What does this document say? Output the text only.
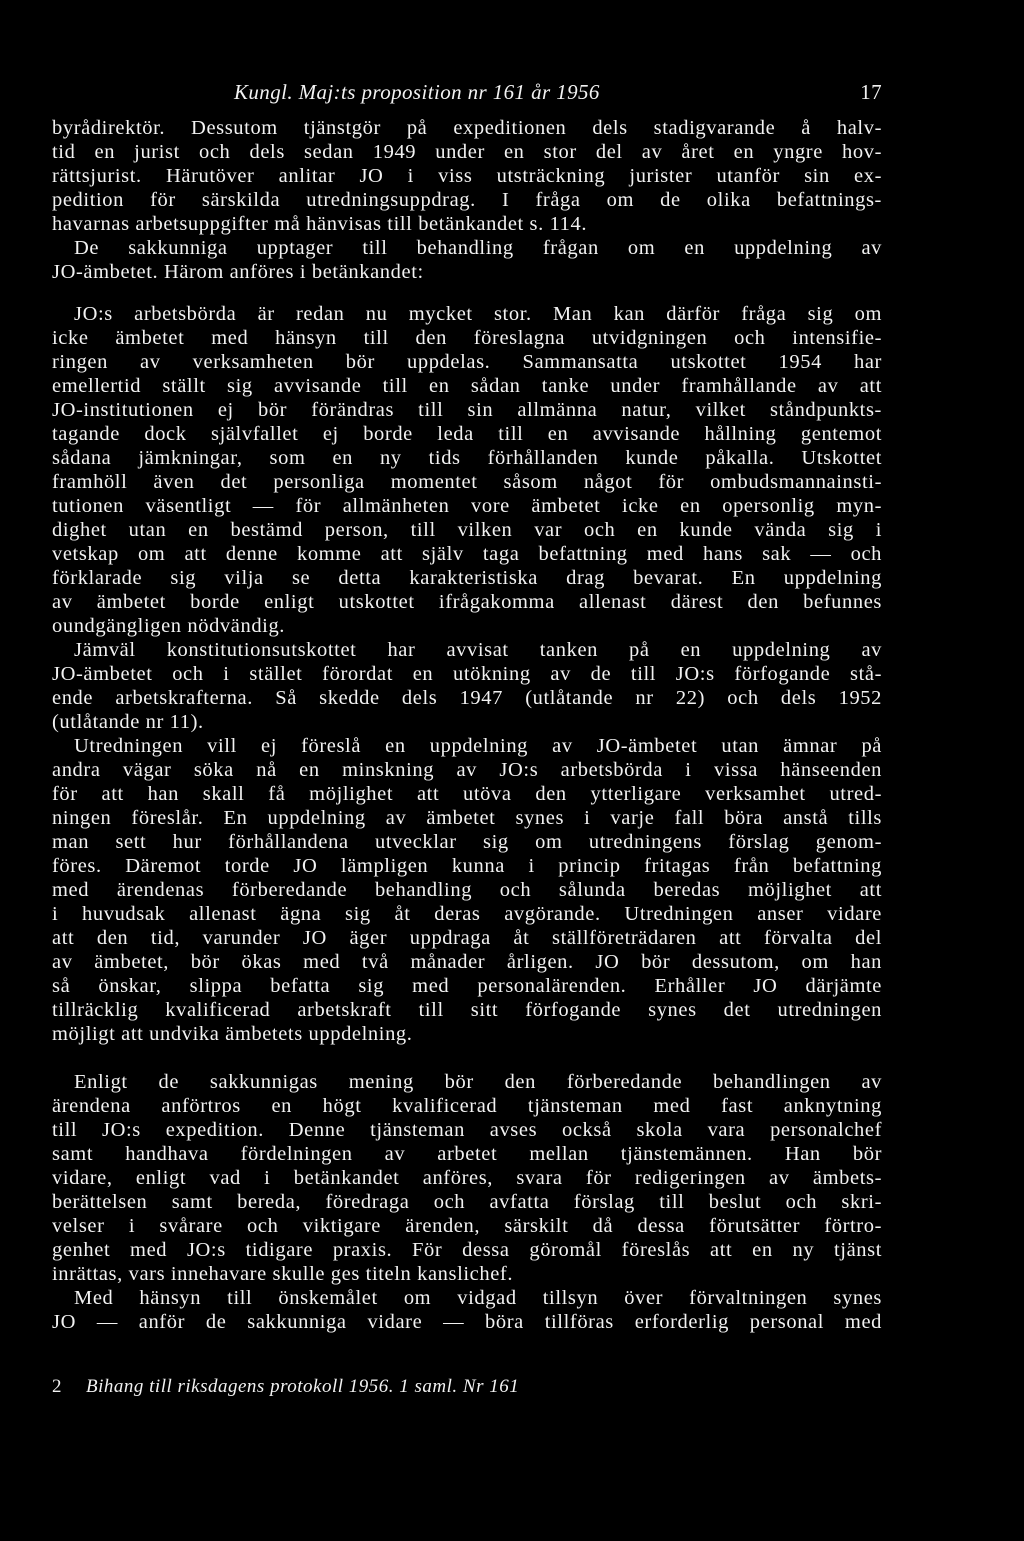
Kungl. Maj:ts proposition nr 161 år 1956	17
byrådirektör. Dessutom tjänstgör på expeditionen dels stadigvarande å halv-
tid en jurist och dels sedan 1949 under en stor del av året en yngre hov-
rättsjurist. Härutöver anlitar JO i viss utsträckning jurister utanför sin ex-
pedition för särskilda utredningsuppdrag. I fråga om de olika befattnings-
havarnas arbetsuppgifter må hänvisas till betänkandet s. 114.
De sakkunniga upptager till behandling frågan om en uppdelning av
JO-ämbetet. Härom anföres i betänkandet:
JO:s arbetsbörda är redan nu mycket stor. Man kan därför fråga sig om
icke ämbetet med hänsyn till den föreslagna utvidgningen och intensifie-
ringen av verksamheten bör uppdelas. Sammansatta utskottet 1954 har
emellertid ställt sig avvisande till en sådan tanke under framhållande av att
JO-institutionen ej bör förändras till sin allmänna natur, vilket ståndpunkts-
tagande dock självfallet ej borde leda till en avvisande hållning gentemot
sådana jämkningar, som en ny tids förhållanden kunde påkalla. Utskottet
framhöll även det personliga momentet såsom något för ombudsmannainsti-
tutionen väsentligt — för allmänheten vore ämbetet icke en opersonlig myn-
dighet utan en bestämd person, till vilken var och en kunde vända sig i
vetskap om att denne komme att själv taga befattning med hans sak — och
förklarade sig vilja se detta karakteristiska drag bevarat. En uppdelning
av ämbetet borde enligt utskottet ifrågakomma allenast därest den befunnes
oundgängligen nödvändig.
Jämväl konstitutionsutskottet har avvisat tanken på en uppdelning av
JO-ämbetet och i stället förordat en utökning av de till JO:s förfogande stå-
ende arbetskrafterna. Så skedde dels 1947 (utlåtande nr 22) och dels 1952
(utlåtande nr 11).
Utredningen vill ej föreslå en uppdelning av JO-ämbetet utan ämnar på
andra vägar söka nå en minskning av JO:s arbetsbörda i vissa hänseenden
för att han skall få möjlighet att utöva den ytterligare verksamhet utred-
ningen föreslår. En uppdelning av ämbetet synes i varje fall böra anstå tills
man sett hur förhållandena utvecklar sig om utredningens förslag genom-
föres. Däremot torde JO lämpligen kunna i princip fritagas från befattning
med ärendenas förberedande behandling och sålunda beredas möjlighet att
i huvudsak allenast ägna sig åt deras avgörande. Utredningen anser vidare
att den tid, varunder JO äger uppdraga åt ställföreträdaren att förvalta del
av ämbetet, bör ökas med två månader årligen. JO bör dessutom, om han
så önskar, slippa befatta sig med personalärenden. Erhåller JO därjämte
tillräcklig kvalificerad arbetskraft till sitt förfogande synes det utredningen
möjligt att undvika ämbetets uppdelning.
Enligt de sakkunnigas mening bör den förberedande behandlingen av
ärendena anförtros en högt kvalificerad tjänsteman med fast anknytning
till JO:s expedition. Denne tjänsteman avses också skola vara personalchef
samt handhava fördelningen av arbetet mellan tjänstemännen. Han bör
vidare, enligt vad i betänkandet anföres, svara för redigeringen av ämbets-
berättelsen samt bereda, föredraga och avfatta förslag till beslut och skri-
velser i svårare och viktigare ärenden, särskilt då dessa förutsätter förtro-
genhet med JO:s tidigare praxis. För dessa göromål föreslås att en ny tjänst
inrättas, vars innehavare skulle ges titeln kanslichef.
Med hänsyn till önskemålet om vidgad tillsyn över förvaltningen synes
JO — anför de sakkunniga vidare — böra tillföras erforderlig personal med
2 Bihang till riksdagens protokoll 1956. 1 saml. Nr 161
